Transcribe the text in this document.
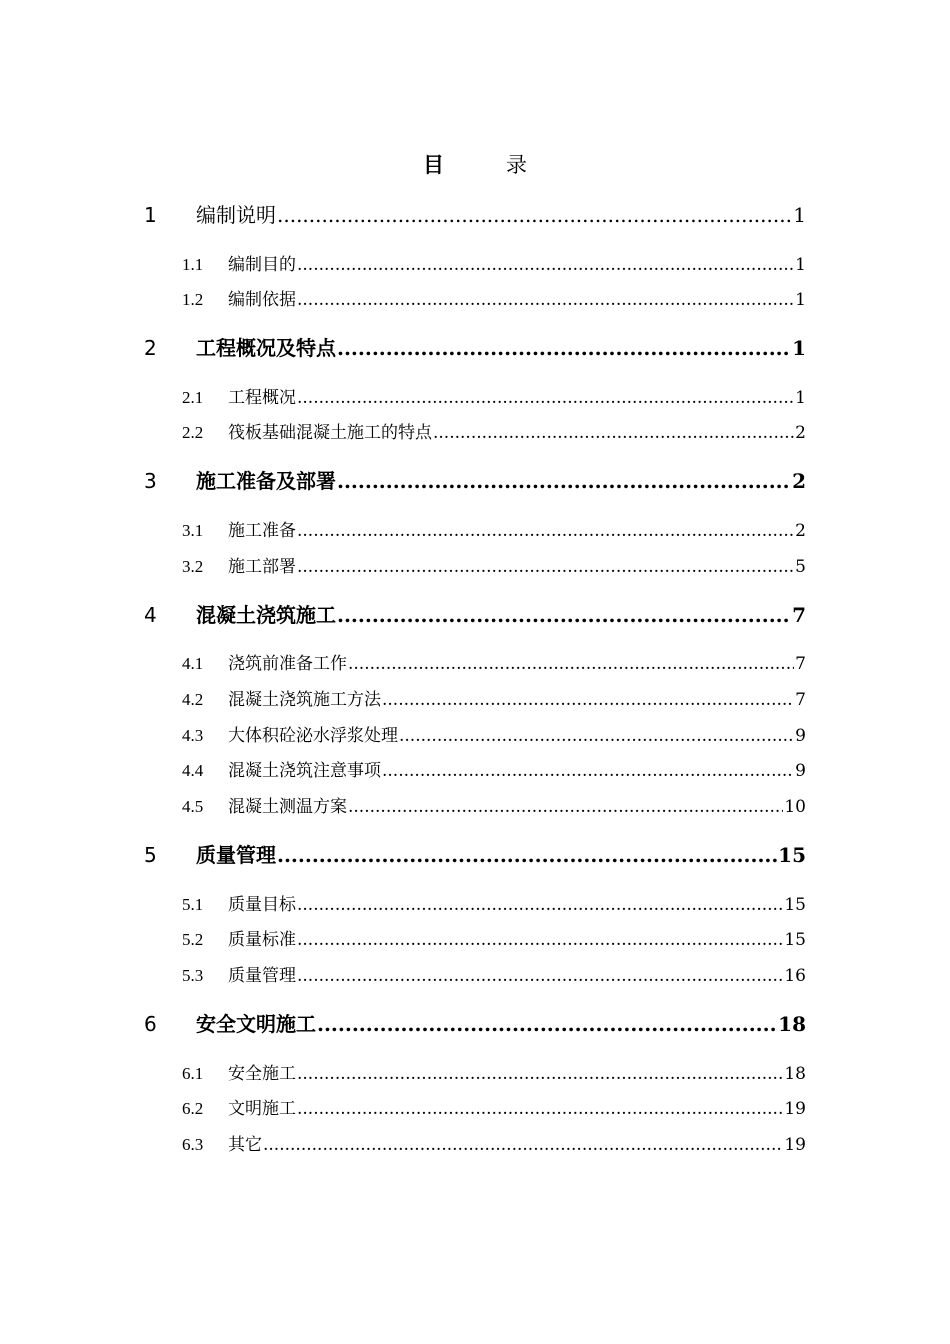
目	录
1 编制说明 .....	1
1.1 编制目的 .....	1
1.2 编制依据 .....	1
2 工程概况及特点 .....	1
2.1 工程概况 .....	1
2.2 筏板基础混凝土施工的特点 .....	2
3 施工准备及部署 .....	2
3.1 施工准备 .....	2
3.2 施工部署 .....	5
4 混凝土浇筑施工 .....	7
4.1 浇筑前准备工作 .....	7
4.2 混凝土浇筑施工方法 .....	7
4.3 大体积砼泌水浮浆处理 .....	9
4.4 混凝土浇筑注意事项 .....	9
4.5 混凝土测温方案 .....	10
5 质量管理 .....	15
5.1 质量目标 .....	15
5.2 质量标准 .....	15
5.3 质量管理 .....	16
6 安全文明施工 .....	18
6.1 安全施工 .....	18
6.2 文明施工 .....	19
6.3 其它 .....	19
